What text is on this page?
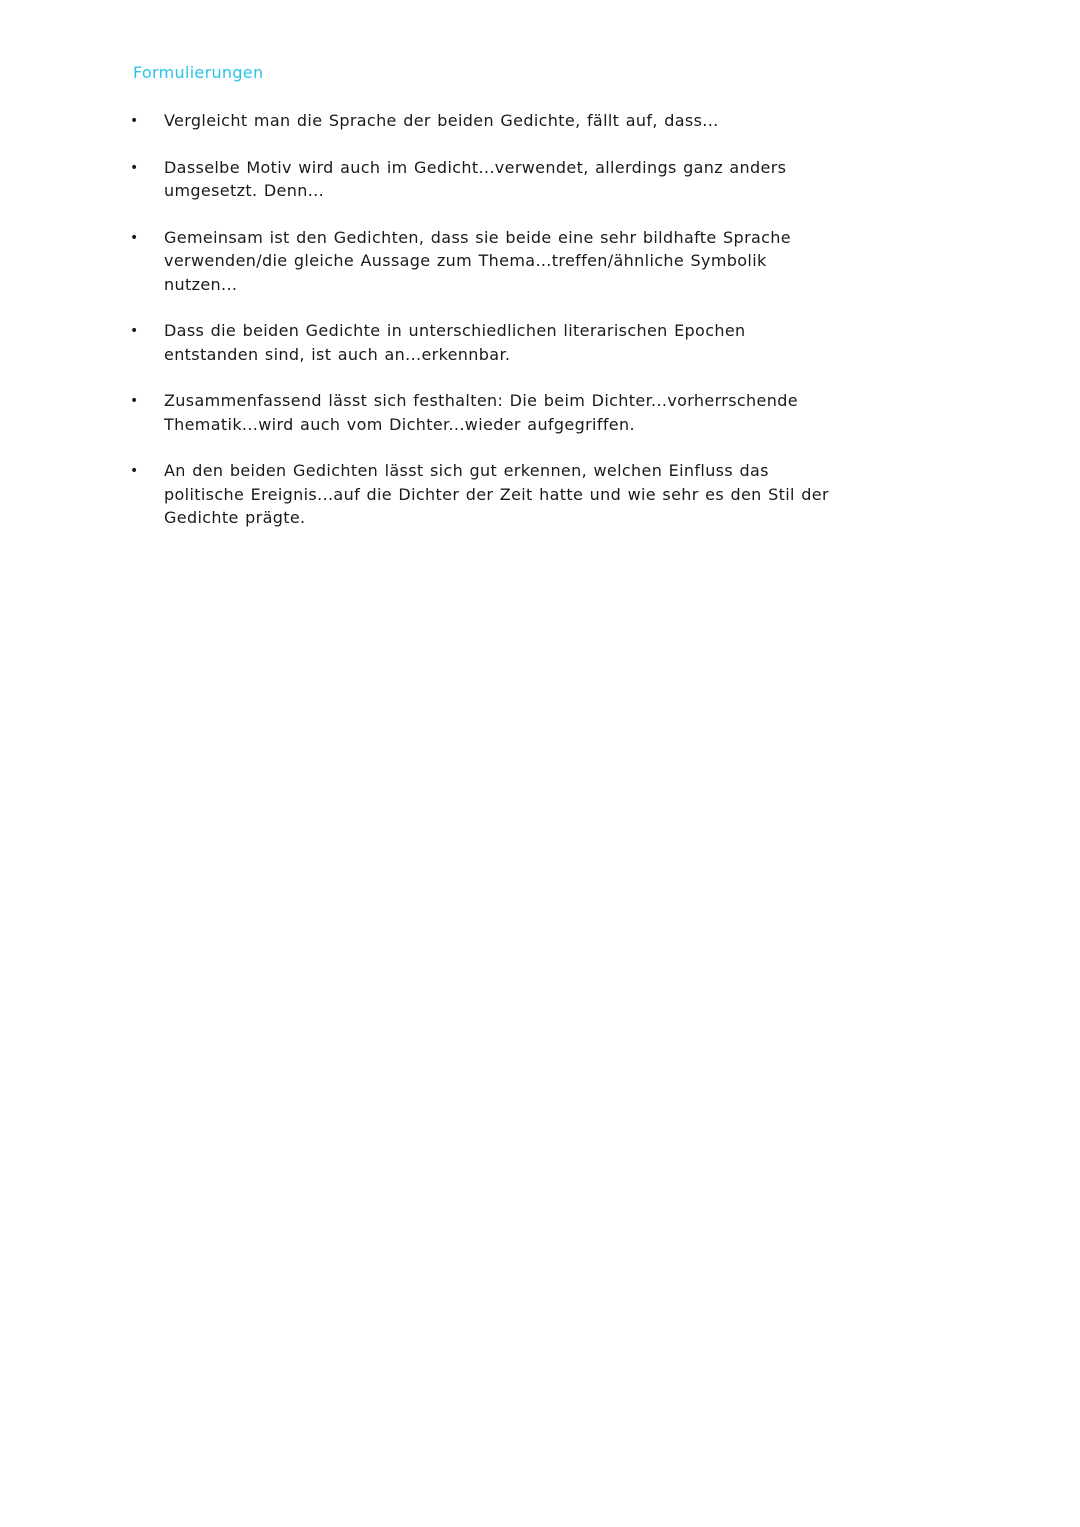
Formulierungen
• Vergleicht man die Sprache der beiden Gedichte, fällt auf, dass...
• Dasselbe Motiv wird auch im Gedicht...verwendet, allerdings ganz anders umgesetzt. Denn...
• Gemeinsam ist den Gedichten, dass sie beide eine sehr bildhafte Sprache verwenden/die gleiche Aussage zum Thema...treffen/ähnliche Symbolik nutzen...
• Dass die beiden Gedichte in unterschiedlichen literarischen Epochen entstanden sind, ist auch an...erkennbar.
• Zusammenfassend lässt sich festhalten: Die beim Dichter...vorherrschende Thematik...wird auch vom Dichter...wieder aufgegriffen.
• An den beiden Gedichten lässt sich gut erkennen, welchen Einfluss das politische Ereignis...auf die Dichter der Zeit hatte und wie sehr es den Stil der Gedichte prägte.
